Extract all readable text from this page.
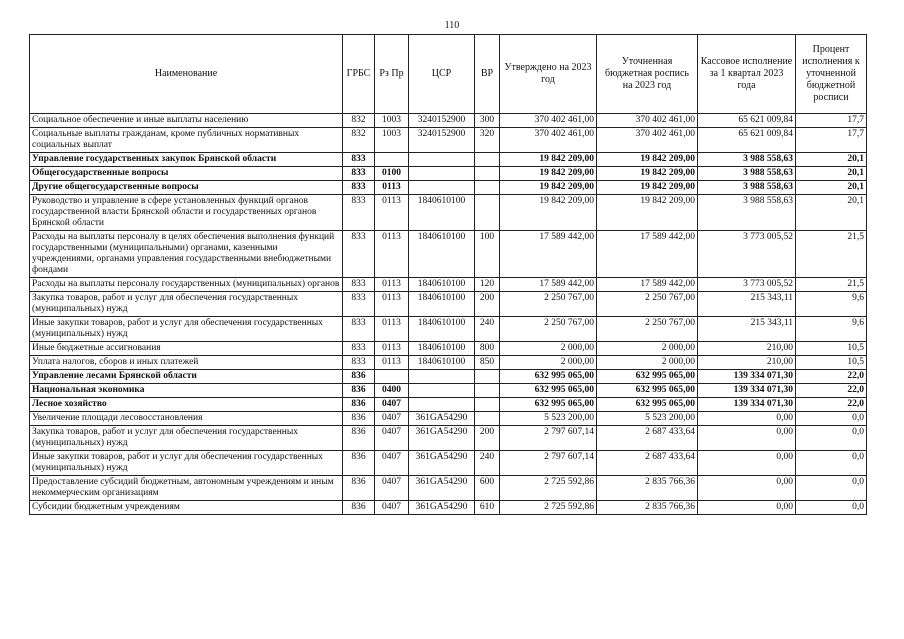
110
Наименование	ГРБС	Рз Пр	ЦСР	ВР	Утверждено на 2023 год	Уточненная бюджетная роспись на 2023 год	Кассовое исполнение за 1 квартал 2023 года	Процент исполнения к уточненной бюджетной росписи
Социальное обеспечение и иные выплаты населению	832	1003	3240152900	300	370 402 461,00	370 402 461,00	65 621 009,84	17,7
Социальные выплаты гражданам, кроме публичных нормативных социальных выплат	832	1003	3240152900	320	370 402 461,00	370 402 461,00	65 621 009,84	17,7
Управление государственных закупок Брянской области	833				19 842 209,00	19 842 209,00	3 988 558,63	20,1
Общегосударственные вопросы	833	0100			19 842 209,00	19 842 209,00	3 988 558,63	20,1
Другие общегосударственные вопросы	833	0113			19 842 209,00	19 842 209,00	3 988 558,63	20,1
Руководство и управление в сфере установленных функций органов государственной власти Брянской области и государственных органов Брянской области	833	0113	1840610100		19 842 209,00	19 842 209,00	3 988 558,63	20,1
Расходы на выплаты персоналу в целях обеспечения выполнения функций государственными (муниципальными) органами, казенными учреждениями, органами управления государственными внебюджетными фондами	833	0113	1840610100	100	17 589 442,00	17 589 442,00	3 773 005,52	21,5
Расходы на выплаты персоналу государственных (муниципальных) органов	833	0113	1840610100	120	17 589 442,00	17 589 442,00	3 773 005,52	21,5
Закупка товаров, работ и услуг для обеспечения государственных (муниципальных) нужд	833	0113	1840610100	200	2 250 767,00	2 250 767,00	215 343,11	9,6
Иные закупки товаров, работ и услуг для обеспечения государственных (муниципальных) нужд	833	0113	1840610100	240	2 250 767,00	2 250 767,00	215 343,11	9,6
Иные бюджетные ассигнования	833	0113	1840610100	800	2 000,00	2 000,00	210,00	10,5
Уплата налогов, сборов и иных платежей	833	0113	1840610100	850	2 000,00	2 000,00	210,00	10,5
Управление лесами Брянской области	836				632 995 065,00	632 995 065,00	139 334 071,30	22,0
Национальная экономика	836	0400			632 995 065,00	632 995 065,00	139 334 071,30	22,0
Лесное хозяйство	836	0407			632 995 065,00	632 995 065,00	139 334 071,30	22,0
Увеличение площади лесовосстановления	836	0407	361GA54290		5 523 200,00	5 523 200,00	0,00	0,0
Закупка товаров, работ и услуг для обеспечения государственных (муниципальных) нужд	836	0407	361GA54290	200	2 797 607,14	2 687 433,64	0,00	0,0
Иные закупки товаров, работ и услуг для обеспечения государственных (муниципальных) нужд	836	0407	361GA54290	240	2 797 607,14	2 687 433,64	0,00	0,0
Предоставление субсидий бюджетным, автономным учреждениям и иным некоммерческим организациям	836	0407	361GA54290	600	2 725 592,86	2 835 766,36	0,00	0,0
Субсидии бюджетным учреждениям	836	0407	361GA54290	610	2 725 592,86	2 835 766,36	0,00	0,0
